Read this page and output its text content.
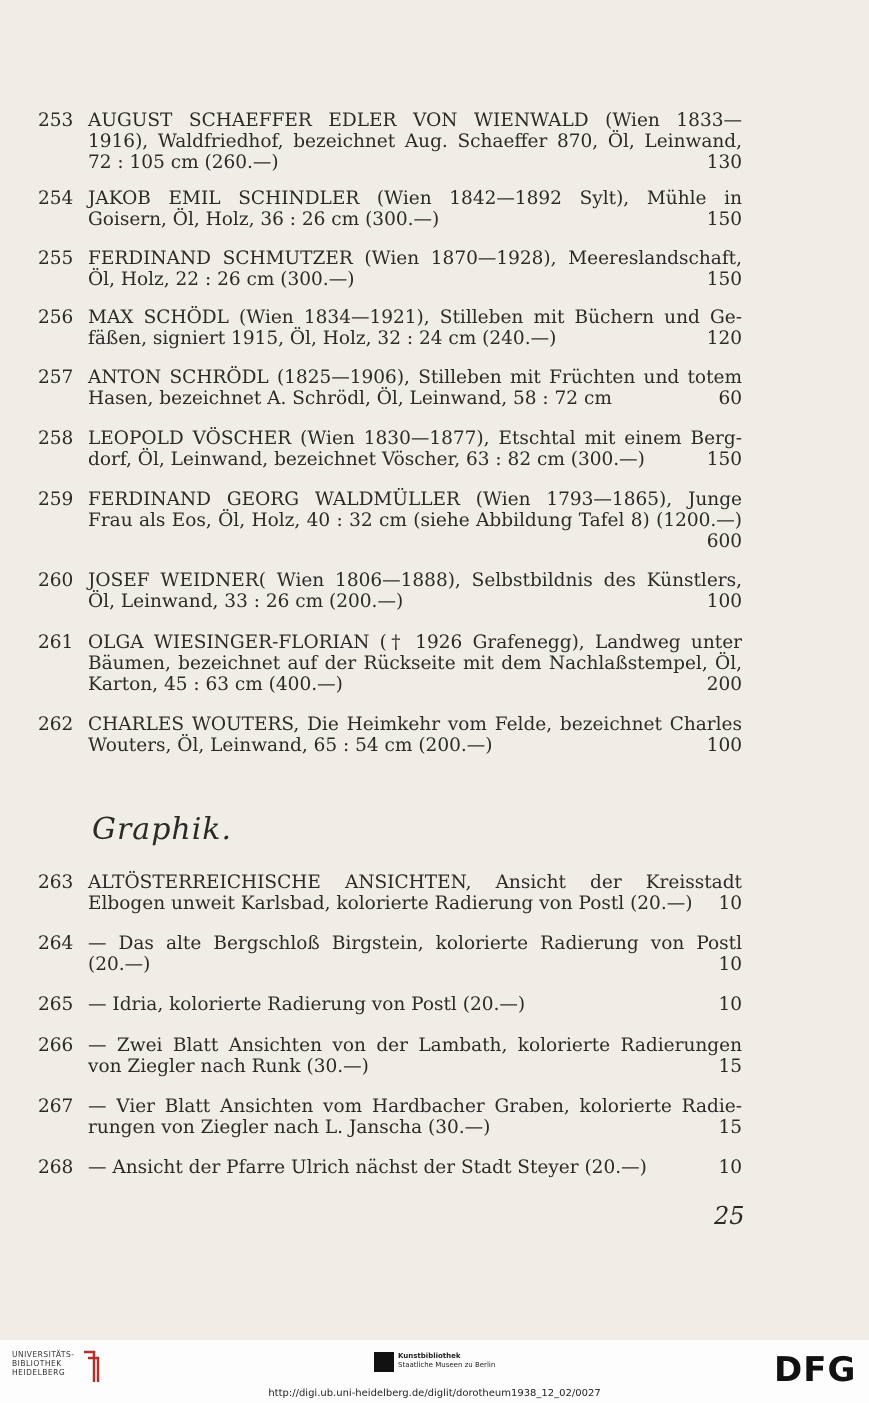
253 AUGUST SCHAEFFER EDLER VON WIENWALD (Wien 1833—
1916), Waldfriedhof, bezeichnet Aug. Schaeffer 870, Öl, Leinwand,
72 : 105 cm (260.—)	130
254 JAKOB EMIL SCHINDLER (Wien 1842—1892 Sylt), Mühle in
Goisern, Öl, Holz, 36 : 26 cm (300.—)	150
255 FERDINAND SCHMUTZER (Wien 1870—1928), Meereslandschaft,
Öl, Holz, 22 : 26 cm (300.—)	150
256 MAX SCHÖDL (Wien 1834—1921), Stilleben mit Büchern und Ge-
fäßen, signiert 1915, Öl, Holz, 32 : 24 cm (240.—)	120
257 ANTON SCHRÖDL (1825—1906), Stilleben mit Früchten und totem
Hasen, bezeichnet A. Schrödl, Öl, Leinwand, 58 : 72 cm	60
258 LEOPOLD VÖSCHER (Wien 1830—1877), Etschtal mit einem Berg-
dorf, Öl, Leinwand, bezeichnet Vöscher, 63 : 82 cm (300.—)	150
259 FERDINAND GEORG WALDMÜLLER (Wien 1793—1865), Junge
Frau als Eos, Öl, Holz, 40 : 32 cm (siehe Abbildung Tafel 8) (1200.—)
600
260 JOSEF WEIDNER( Wien 1806—1888), Selbstbildnis des Künstlers,
Öl, Leinwand, 33 : 26 cm (200.—)	100
261 OLGA WIESINGER-FLORIAN († 1926 Grafenegg), Landweg unter
Bäumen, bezeichnet auf der Rückseite mit dem Nachlaßstempel, Öl,
Karton, 45 : 63 cm (400.—)	200
262 CHARLES WOUTERS, Die Heimkehr vom Felde, bezeichnet Charles
Wouters, Öl, Leinwand, 65 : 54 cm (200.—)	100
263 ALTÖSTERREICHISCHE ANSICHTEN, Ansicht der Kreisstadt
Elbogen unweit Karlsbad, kolorierte Radierung von Postl (20.—) 10
264 — Das alte Bergschloß Birgstein, kolorierte Radierung von Postl
(20.—)	10
265 — Idria, kolorierte Radierung von Postl (20.—)	10
266 — Zwei Blatt Ansichten von der Lambath, kolorierte Radierungen
von Ziegler nach Runk (30.—)	15
267 — Vier Blatt Ansichten vom Hardbacher Graben, kolorierte Radie-
rungen von Ziegler nach L. Janscha (30.—)	15
268 — Ansicht der Pfarre Ulrich nächst der Stadt Steyer (20.—)	10
Graphik.
25
UNIVERSITÄTS-
BIBLIOTHEK
HEIDELBERG
Kunstbibliothek
Staatliche Museen zu Berlin	DFG
http://digi.ub.uni-heidelberg.de/diglit/dorotheum1938_12_02/0027
